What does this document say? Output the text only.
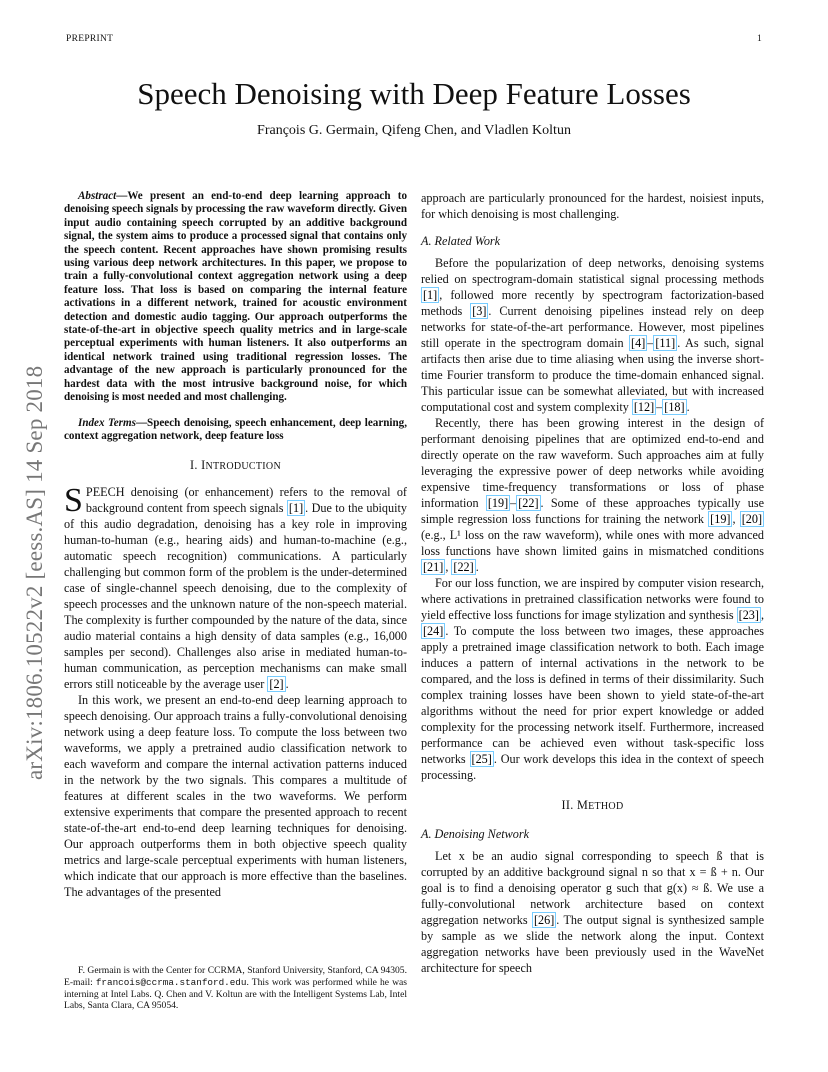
PREPRINT	1
Speech Denoising with Deep Feature Losses
François G. Germain, Qifeng Chen, and Vladlen Koltun
arXiv:1806.10522v2 [eess.AS] 14 Sep 2018

Abstract—We present an end-to-end deep learning approach to denoising speech signals by processing the raw waveform directly. Given input audio containing speech corrupted by an additive background signal, the system aims to produce a processed signal that contains only the speech content. Recent approaches have shown promising results using various deep network architectures. In this paper, we propose to train a fully-convolutional context aggregation network using a deep feature loss. That loss is based on comparing the internal feature activations in a different network, trained for acoustic environment detection and domestic audio tagging. Our approach outperforms the state-of-the-art in objective speech quality metrics and in large-scale perceptual experiments with human listeners. It also outperforms an identical network trained using traditional regression losses. The advantage of the new approach is particularly pronounced for the hardest data with the most intrusive background noise, for which denoising is most needed and most challenging.

Index Terms—Speech denoising, speech enhancement, deep learning, context aggregation network, deep feature loss

I. INTRODUCTION

SPEECH denoising (or enhancement) refers to the removal of background content from speech signals [1] . Due to the ubiquity of this audio degradation, denoising has a key role in improving human-to-human (e.g., hearing aids) and human-to-machine (e.g., automatic speech recognition) communications. A particularly challenging but common form of the problem is the under-determined case of single-channel speech denoising, due to the complexity of speech processes and the unknown nature of the non-speech material. The complexity is further compounded by the nature of the data, since audio material contains a high density of data samples (e.g., 16,000 samples per second). Challenges also arise in mediated human-to-human communication, as perception mechanisms can make small errors still noticeable by the average user [2] .

In this work, we present an end-to-end deep learning approach to speech denoising. Our approach trains a fully-convolutional denoising network using a deep feature loss. To compute the loss between two waveforms, we apply a pretrained audio classification network to each waveform and compare the internal activation patterns induced in the network by the two signals. This compares a multitude of features at different scales in the two waveforms. We perform extensive experiments that compare the presented approach to recent state-of-the-art end-to-end deep learning techniques for denoising. Our approach outperforms them in both objective speech quality metrics and large-scale perceptual experiments with human listeners, which indicate that our approach is more effective than the baselines. The advantages of the presented

F. Germain is with the Center for CCRMA, Stanford University, Stanford, CA 94305. E-mail: francois@ccrma.stanford.edu. This work was performed while he was interning at Intel Labs. Q. Chen and V. Koltun are with the Intelligent Systems Lab, Intel Labs, Santa Clara, CA 95054.

approach are particularly pronounced for the hardest, noisiest inputs, for which denoising is most challenging.

A. Related Work

Before the popularization of deep networks, denoising systems relied on spectrogram-domain statistical signal processing methods [1] , followed more recently by spectrogram factorization-based methods [3] . Current denoising pipelines instead rely on deep networks for state-of-the-art performance. However, most pipelines still operate in the spectrogram domain [4] – [11] . As such, signal artifacts then arise due to time aliasing when using the inverse short-time Fourier transform to produce the time-domain enhanced signal. This particular issue can be somewhat alleviated, but with increased computational cost and system complexity [12] – [18] .

Recently, there has been growing interest in the design of performant denoising pipelines that are optimized end-to-end and directly operate on the raw waveform. Such approaches aim at fully leveraging the expressive power of deep networks while avoiding expensive time-frequency transformations or loss of phase information [19] – [22] . Some of these approaches typically use simple regression loss functions for training the network [19] , [20] (e.g., L¹ loss on the raw waveform), while ones with more advanced loss functions have shown limited gains in mismatched conditions [21] , [22] .

For our loss function, we are inspired by computer vision research, where activations in pretrained classification networks were found to yield effective loss functions for image stylization and synthesis [23] , [24] . To compute the loss between two images, these approaches apply a pretrained image classification network to both. Each image induces a pattern of internal activations in the network to be compared, and the loss is defined in terms of their dissimilarity. Such complex training losses have been shown to yield state-of-the-art algorithms without the need for prior expert knowledge or added complexity for the processing network itself. Furthermore, increased performance can be achieved even without task-specific loss networks [25] . Our work develops this idea in the context of speech processing.

II. METHOD
A. Denoising Network

Let x be an audio signal corresponding to speech ß that is corrupted by an additive background signal n so that x = ß + n. Our goal is to find a denoising operator g such that g(x) ≈ ß. We use a fully-convolutional network architecture based on context aggregation networks [26] . The output signal is synthesized sample by sample as we slide the network along the input. Context aggregation networks have been previously used in the WaveNet architecture for speech
